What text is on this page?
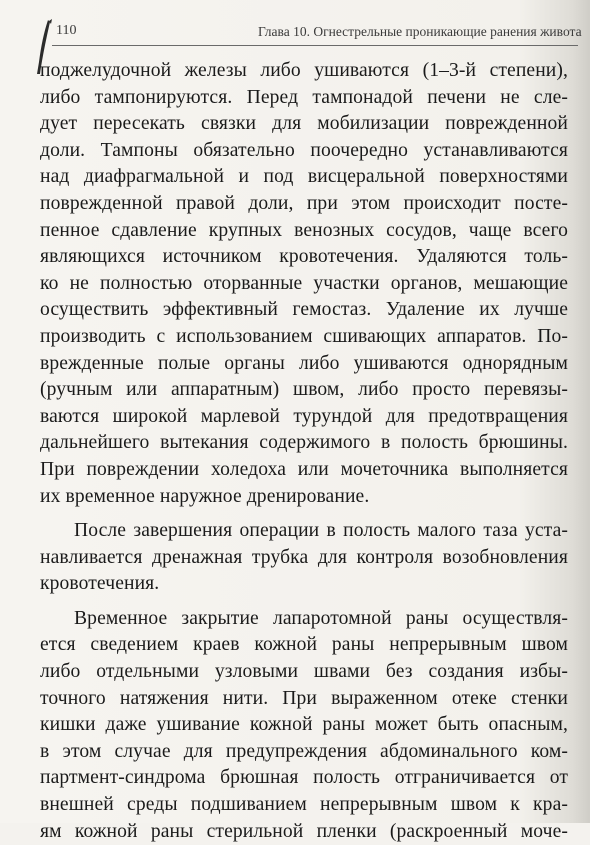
110	Глава 10. Огнестрельные проникающие ранения живота

поджелудочной железы либо ушиваются (1–3-й степени),
либо тампонируются. Перед тампонадой печени не сле-
дует пересекать связки для мобилизации поврежденной
доли. Тампоны обязательно поочередно устанавливаются
над диафрагмальной и под висцеральной поверхностями
поврежденной правой доли, при этом происходит посте-
пенное сдавление крупных венозных сосудов, чаще всего
являющихся источником кровотечения. Удаляются толь-
ко не полностью оторванные участки органов, мешающие
осуществить эффективный гемостаз. Удаление их лучше
производить с использованием сшивающих аппаратов. По-
врежденные полые органы либо ушиваются однорядным
(ручным или аппаратным) швом, либо просто перевязы-
ваются широкой марлевой турундой для предотвращения
дальнейшего вытекания содержимого в полость брюшины.
При повреждении холедоха или мочеточника выполняется
их временное наружное дренирование.

После завершения операции в полость малого таза уста-
навливается дренажная трубка для контроля возобновления
кровотечения.

Временное закрытие лапаротомной раны осуществля-
ется сведением краев кожной раны непрерывным швом
либо отдельными узловыми швами без создания избы-
точного натяжения нити. При выраженном отеке стенки
кишки даже ушивание кожной раны может быть опасным,
в этом случае для предупреждения абдоминального ком-
партмент-синдрома брюшная полость отграничивается от
внешней среды подшиванием непрерывным швом к кра-
ям кожной раны стерильной пленки (раскроенный моче-
